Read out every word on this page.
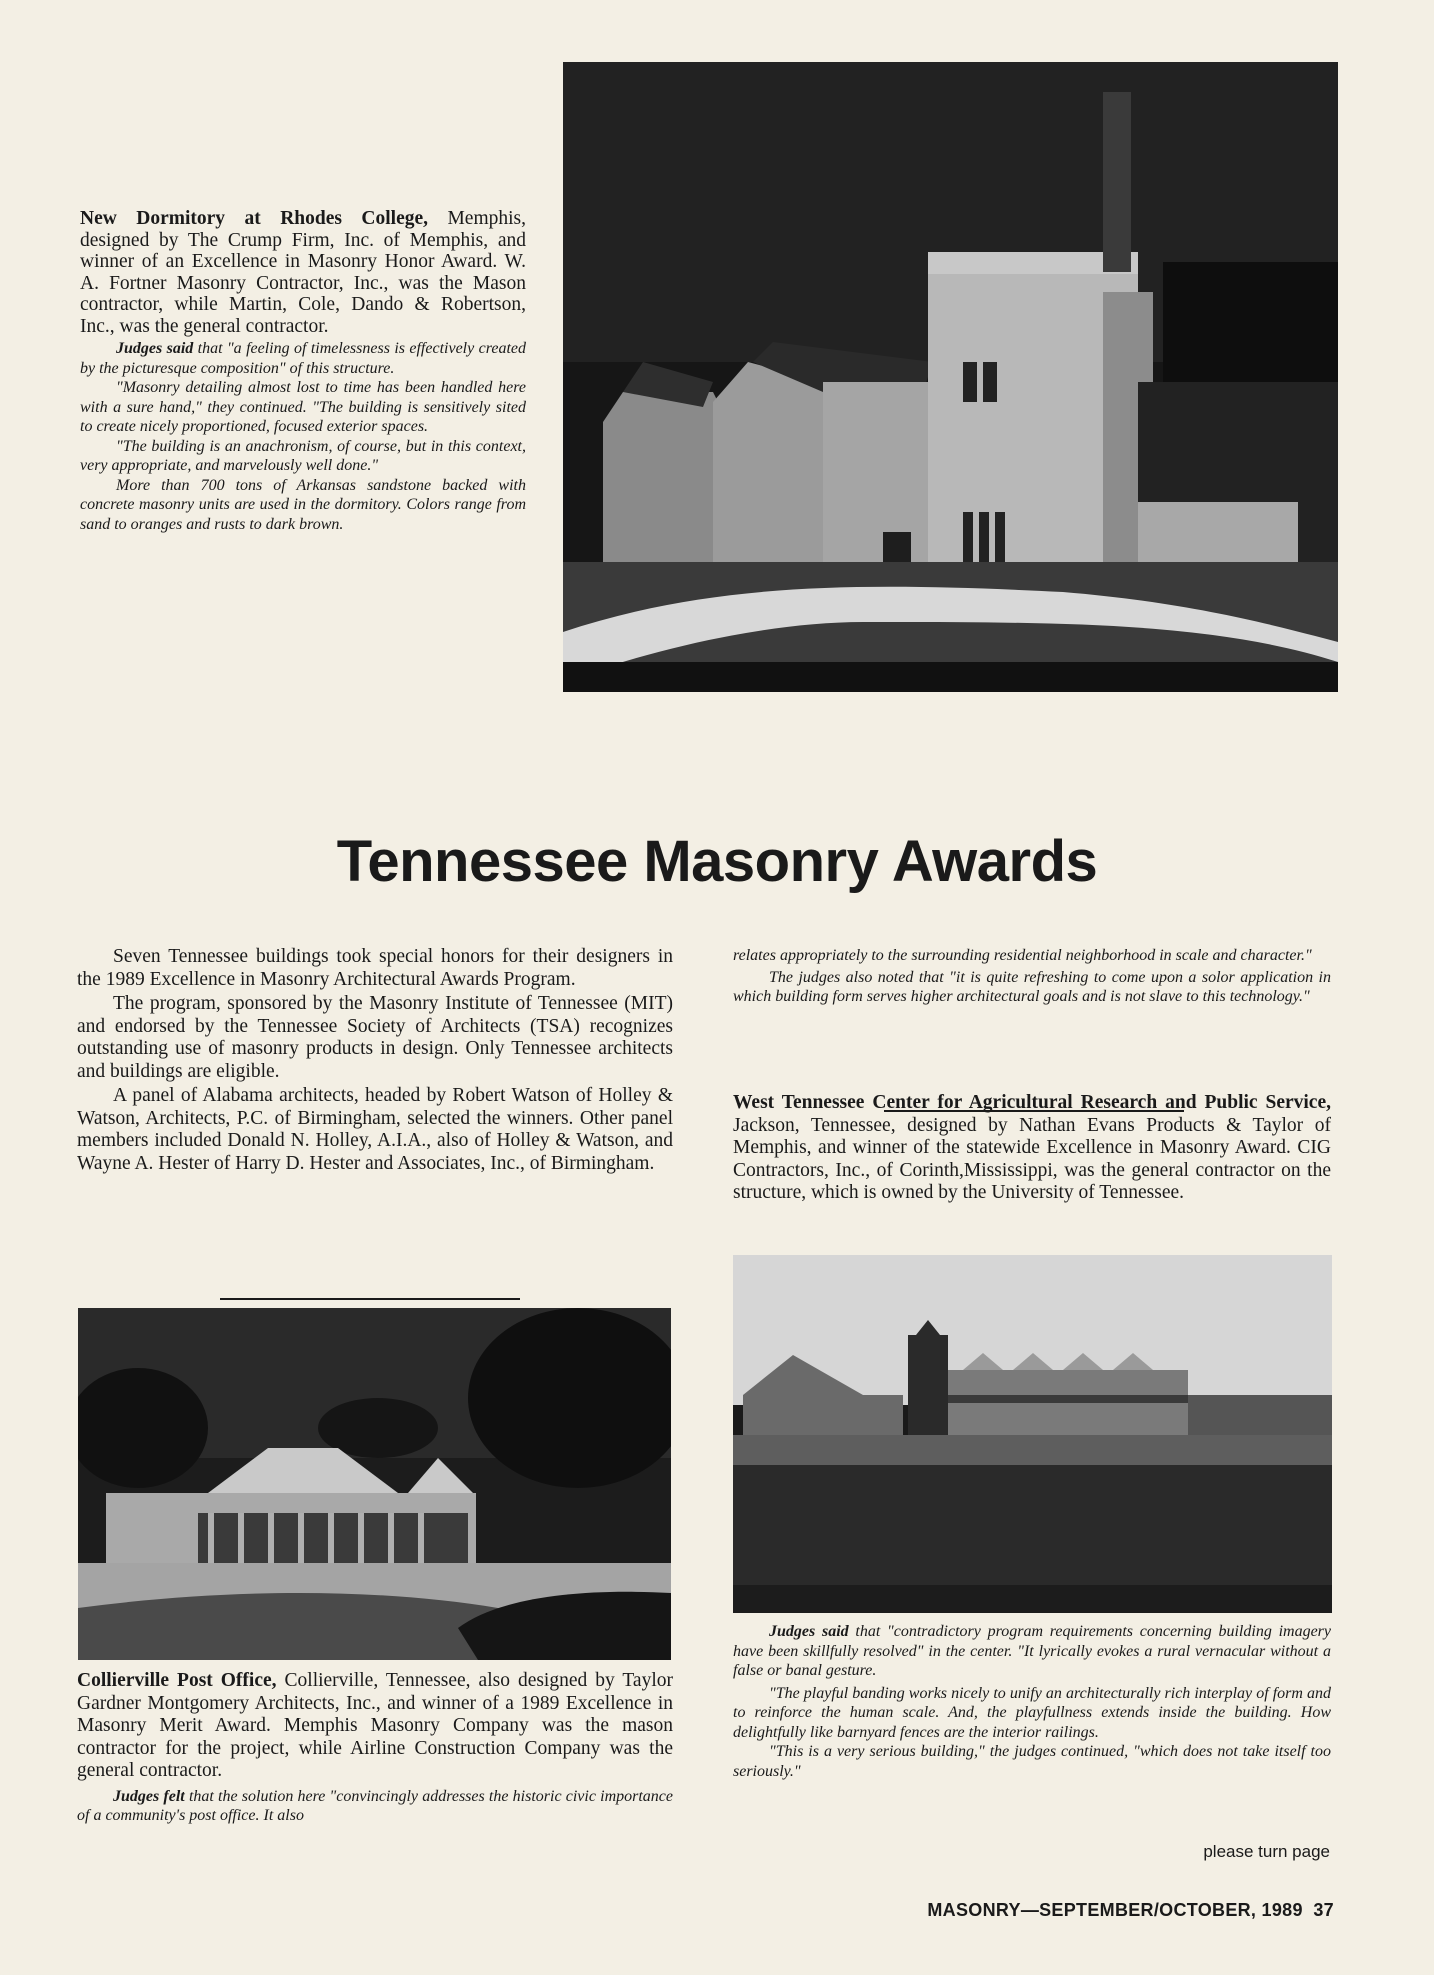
New Dormitory at Rhodes College, Memphis, designed by The Crump Firm, Inc. of Memphis, and winner of an Excellence in Masonry Honor Award. W. A. Fortner Masonry Contractor, Inc., was the Mason contractor, while Martin, Cole, Dando & Robertson, Inc., was the general contractor.

Judges said that "a feeling of timelessness is effectively created by the picturesque composition" of this structure.

"Masonry detailing almost lost to time has been handled here with a sure hand," they continued. "The building is sensitively sited to create nicely proportioned, focused exterior spaces.

"The building is an anachronism, of course, but in this context, very appropriate, and marvelously well done."

More than 700 tons of Arkansas sandstone backed with concrete masonry units are used in the dormitory. Colors range from sand to oranges and rusts to dark brown.

Tennessee Masonry Awards

Seven Tennessee buildings took special honors for their designers in the 1989 Excellence in Masonry Architectural Awards Program.

The program, sponsored by the Masonry Institute of Tennessee (MIT) and endorsed by the Tennessee Society of Architects (TSA) recognizes outstanding use of masonry products in design. Only Tennessee architects and buildings are eligible.

A panel of Alabama architects, headed by Robert Watson of Holley & Watson, Architects, P.C. of Birmingham, selected the winners. Other panel members included Donald N. Holley, A.I.A., also of Holley & Watson, and Wayne A. Hester of Harry D. Hester and Associates, Inc., of Birmingham.

Collierville Post Office, Collierville, Tennessee, also designed by Taylor Gardner Montgomery Architects, Inc., and winner of a 1989 Excellence in Masonry Merit Award. Memphis Masonry Company was the mason contractor for the project, while Airline Construction Company was the general contractor.

Judges felt that the solution here "convincingly addresses the historic civic importance of a community's post office. It also

relates appropriately to the surrounding residential neighborhood in scale and character."

The judges also noted that "it is quite refreshing to come upon a solor application in which building form serves higher architectural goals and is not slave to this technology."

West Tennessee Center for Agricultural Research and Public Service, Jackson, Tennessee, designed by Nathan Evans Products & Taylor of Memphis, and winner of the statewide Excellence in Masonry Award. CIG Contractors, Inc., of Corinth,Mississippi, was the general contractor on the structure, which is owned by the University of Tennessee.

Judges said that "contradictory program requirements concerning building imagery have been skillfully resolved" in the center. "It lyrically evokes a rural vernacular without a false or banal gesture.

"The playful banding works nicely to unify an architecturally rich interplay of form and to reinforce the human scale. And, the playfullness extends inside the building. How delightfully like barnyard fences are the interior railings.

"This is a very serious building," the judges continued, "which does not take itself too seriously."

please turn page
MASONRY—SEPTEMBER/OCTOBER, 1989 37
